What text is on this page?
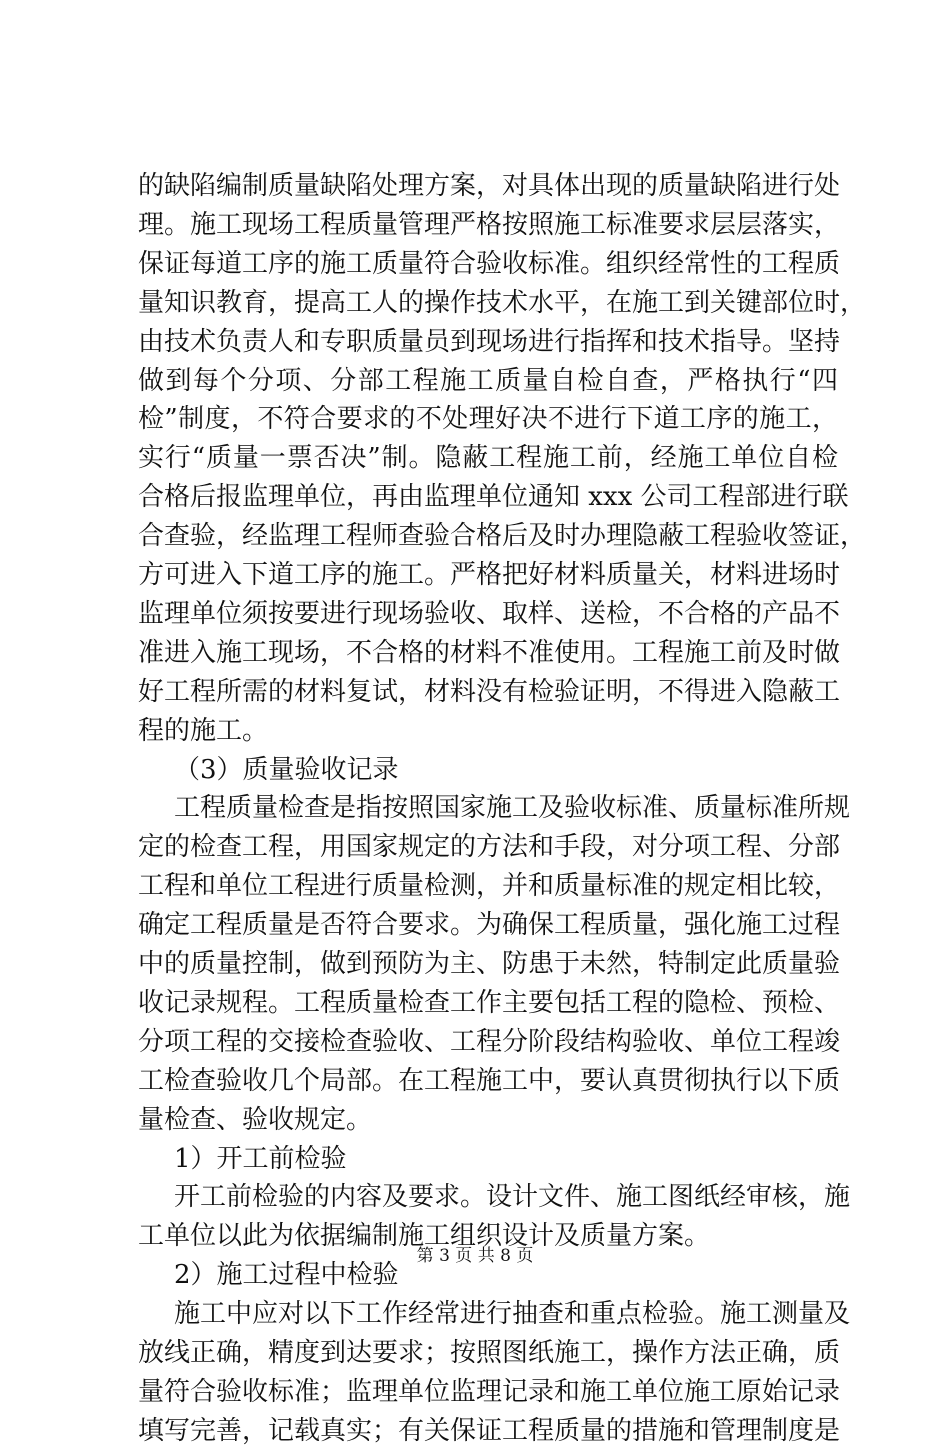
的缺陷编制质量缺陷处理方案，对具体出现的质量缺陷进行处
理。施工现场工程质量管理严格按照施工标准要求层层落实，
保证每道工序的施工质量符合验收标准。组织经常性的工程质
量知识教育，提高工人的操作技术水平，在施工到关键部位时，
由技术负责人和专职质量员到现场进行指挥和技术指导。坚持
做到每个分项、分部工程施工质量自检自查，严格执行“四
检”制度，不符合要求的不处理好决不进行下道工序的施工，
实行“质量一票否决”制。隐蔽工程施工前，经施工单位自检
合格后报监理单位，再由监理单位通知 xxx 公司工程部进行联
合查验，经监理工程师查验合格后及时办理隐蔽工程验收签证，
方可进入下道工序的施工。严格把好材料质量关，材料进场时
监理单位须按要进行现场验收、取样、送检，不合格的产品不
准进入施工现场，不合格的材料不准使用。工程施工前及时做
好工程所需的材料复试，材料没有检验证明，不得进入隐蔽工
程的施工。
（3）质量验收记录
工程质量检查是指按照国家施工及验收标准、质量标准所规
定的检查工程，用国家规定的方法和手段，对分项工程、分部
工程和单位工程进行质量检测，并和质量标准的规定相比较，
确定工程质量是否符合要求。为确保工程质量，强化施工过程
中的质量控制，做到预防为主、防患于未然，特制定此质量验
收记录规程。工程质量检查工作主要包括工程的隐检、预检、
分项工程的交接检查验收、工程分阶段结构验收、单位工程竣
工检查验收几个局部。在工程施工中，要认真贯彻执行以下质
量检查、验收规定。
1）开工前检验
开工前检验的内容及要求。设计文件、施工图纸经审核，施
工单位以此为依据编制施工组织设计及质量方案。
2）施工过程中检验
施工中应对以下工作经常进行抽查和重点检验。施工测量及
放线正确，精度到达要求；按照图纸施工，操作方法正确，质
量符合验收标准；监理单位监理记录和施工单位施工原始记录
填写完善，记载真实；有关保证工程质量的措施和管理制度是
第 3 页 共 8 页
